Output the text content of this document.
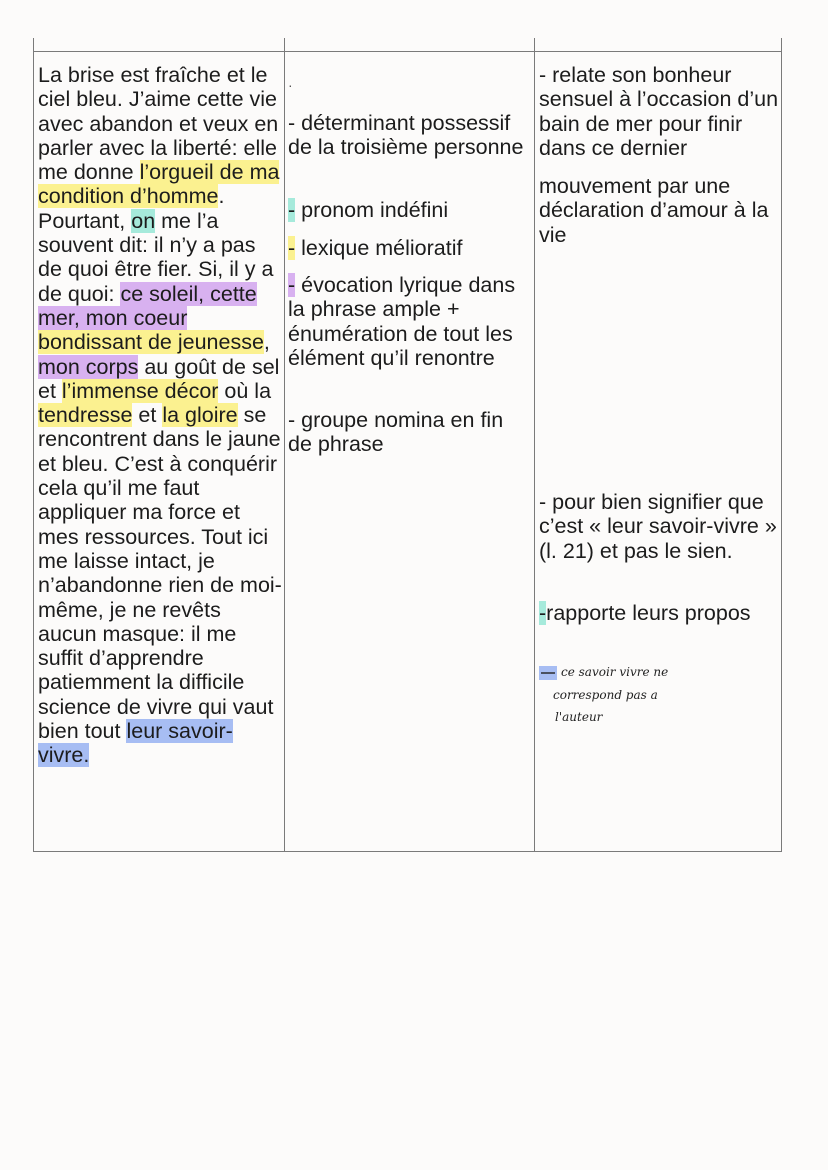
La brise est fraîche et le ciel bleu. J’aime cette vie avec abandon et veux en parler avec la liberté: elle me donne l’orgueil de ma condition d’homme. Pourtant, on me l’a souvent dit: il n’y a pas de quoi être fier. Si, il y a de quoi: ce soleil, cette mer, mon coeur bondissant de jeunesse, mon corps au goût de sel et l’immense décor où la tendresse et la gloire se rencontrent dans le jaune et bleu. C’est à conquérir cela qu’il me faut appliquer ma force et mes ressources. Tout ici me laisse intact, je n’abandonne rien de moi-même, je ne revêts aucun masque: il me suffit d’apprendre patiemment la difficile science de vivre qui vaut bien tout leur savoir-vivre.

·
- déterminant possessif de la troisième personne
- pronom indéfini
- lexique mélioratif
- évocation lyrique dans la phrase ample + énumération de tout les élément qu’il renontre
- groupe nomina en fin de phrase
- relate son bonheur sensuel à l’occasion d’un bain de mer pour finir dans ce dernier
mouvement par une déclaration d’amour à la vie
- pour bien signifier que c’est « leur savoir-vivre » (l. 21) et pas le sien.
-rapporte leurs propos
ce savoir vivre ne
correspond pas a
l'auteur
